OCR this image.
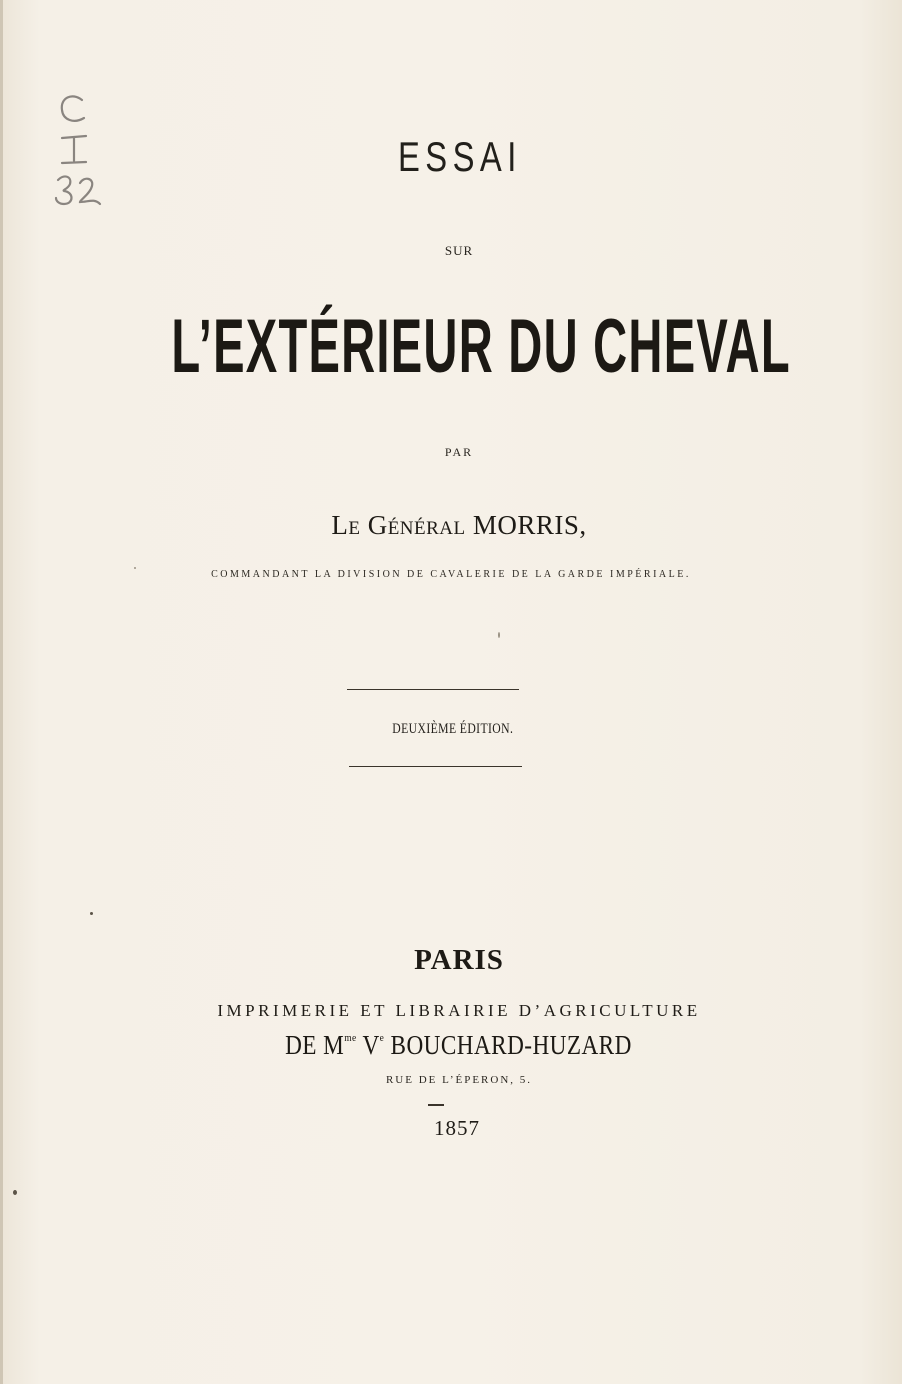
ESSAI
SUR
L’EXTÉRIEUR DU CHEVAL
PAR
Le Général MORRIS,
COMMANDANT LA DIVISION DE CAVALERIE DE LA GARDE IMPÉRIALE.
DEUXIÈME ÉDITION.
PARIS
IMPRIMERIE ET LIBRAIRIE D’AGRICULTURE
DE $M^{me}$ Ve BOUCHARD-HUZARD
RUE DE L’ÉPERON, 5.
1857
